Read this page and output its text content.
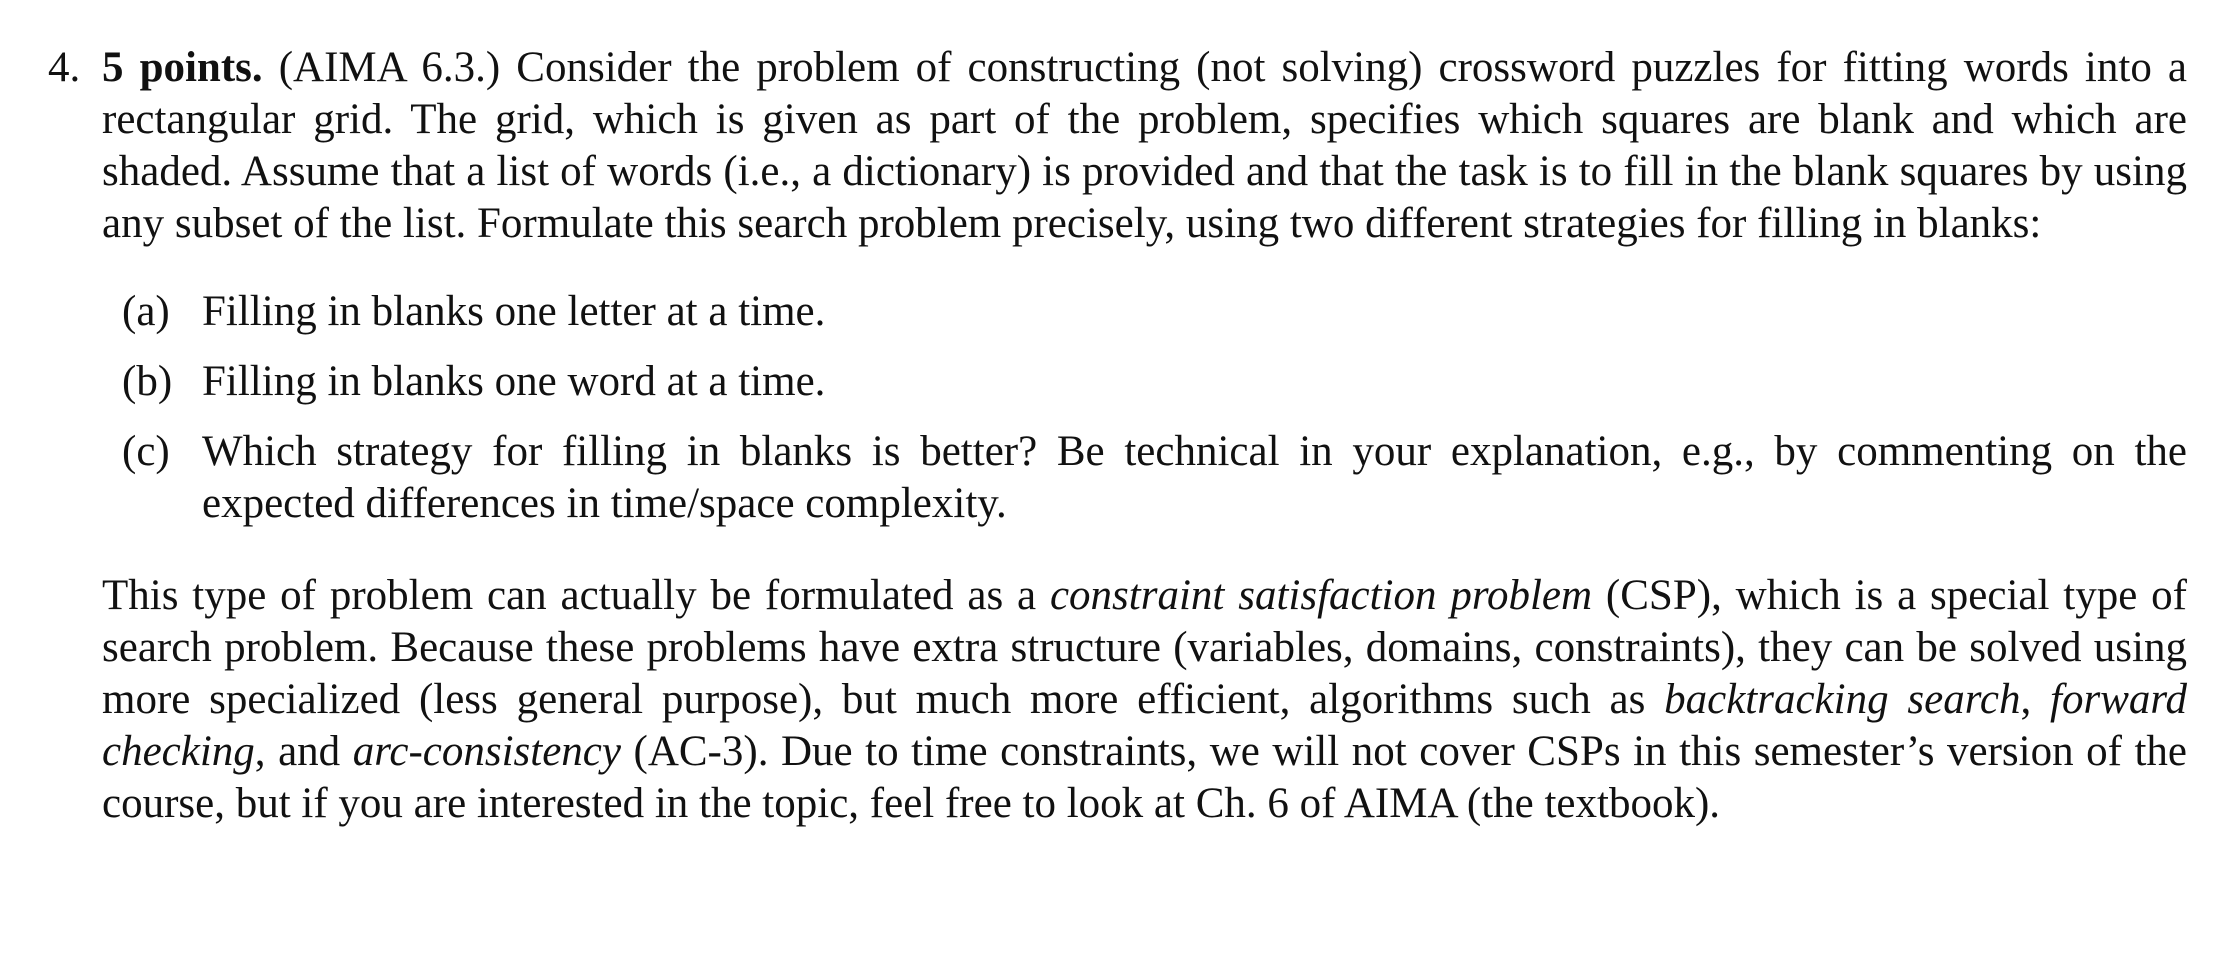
4. 5 points. (AIMA 6.3.) Consider the problem of constructing (not solving) crossword puzzles for fitting words into a rectangular grid. The grid, which is given as part of the problem, specifies which squares are blank and which are shaded. Assume that a list of words (i.e., a dictionary) is provided and that the task is to fill in the blank squares by using any subset of the list. Formulate this search problem precisely, using two different strategies for filling in blanks:

(a) Filling in blanks one letter at a time.
(b) Filling in blanks one word at a time.
(c) Which strategy for filling in blanks is better? Be technical in your explanation, e.g., by commenting on the expected differences in time/space complexity.

This type of problem can actually be formulated as a constraint satisfaction problem (CSP), which is a special type of search problem. Because these problems have extra structure (variables, domains, constraints), they can be solved using more specialized (less general purpose), but much more efficient, algorithms such as backtracking search, forward checking, and arc-consistency (AC-3). Due to time constraints, we will not cover CSPs in this semester’s version of the course, but if you are interested in the topic, feel free to look at Ch. 6 of AIMA (the textbook).
